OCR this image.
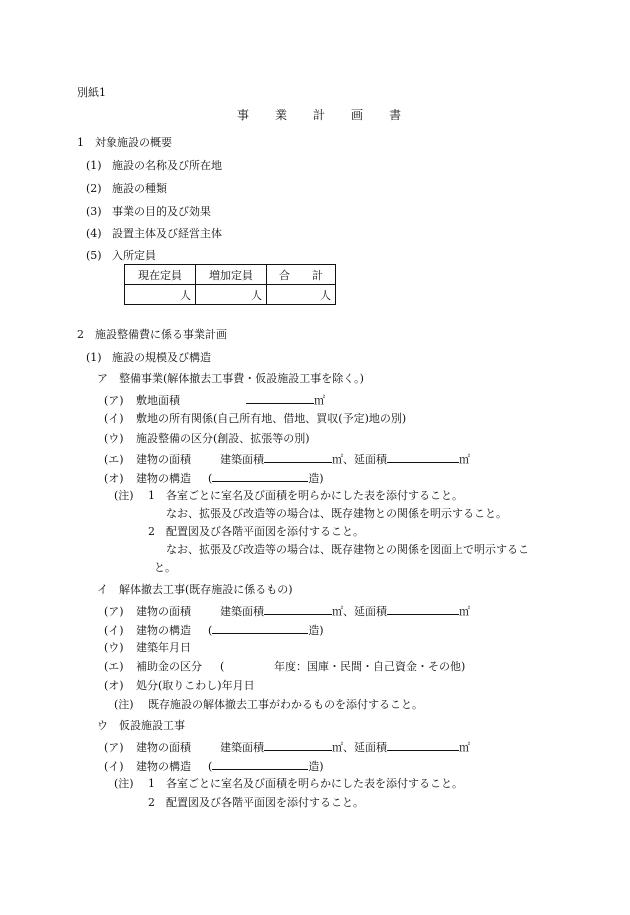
別紙1
事 業 計 画 書
1　対象施設の概要
(1) 施設の名称及び所在地
(2) 施設の種類
(3) 事業の目的及び効果
(4) 設置主体及び経営主体
(5) 入所定員
現在定員	増加定員	合　　計
人	人	人
2　施設整備費に係る事業計画
(1) 施設の規模及び構造
ア　整備事業(解体撤去工事費・仮設施設工事を除く。)
(ア) 敷地面積	㎡
(イ) 敷地の所有関係(自己所有地、借地、買収(予定)地の別)
(ウ) 施設整備の区分(創設、拡張等の別)
(エ) 建物の面積	建築面積	㎡、延面積	㎡
(オ) 建物の構造 (	造)
(注) 1 各室ごとに室名及び面積を明らかにした表を添付すること。
なお、拡張及び改造等の場合は、既存建物との関係を明示すること。
2 配置図及び各階平面図を添付すること。
なお、拡張及び改造等の場合は、既存建物との関係を図面上で明示するこ
と。
イ　解体撤去工事(既存施設に係るもの)
(ア) 建物の面積	建築面積	㎡、延面積	㎡
(イ) 建物の構造 (	造)
(ウ) 建築年月日
(エ) 補助金の区分 (	年度：国庫・民間・自己資金・その他)
(オ) 処分(取りこわし)年月日
(注) 既存施設の解体撤去工事がわかるものを添付すること。
ウ　仮設施設工事
(ア) 建物の面積	建築面積	㎡、延面積	㎡
(イ) 建物の構造 (	造)
(注) 1 各室ごとに室名及び面積を明らかにした表を添付すること。
2 配置図及び各階平面図を添付すること。
